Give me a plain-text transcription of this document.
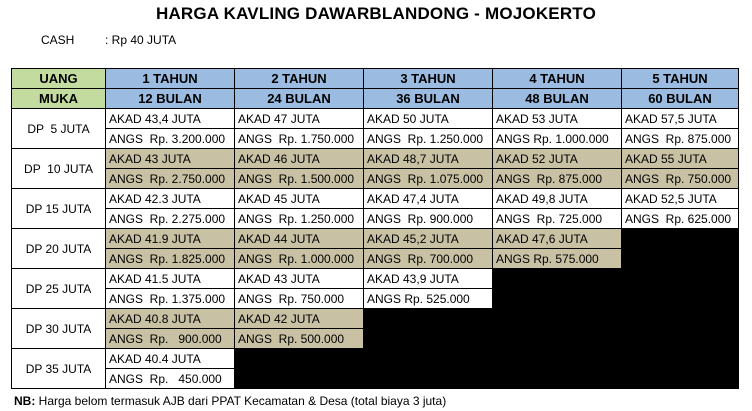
HARGA KAVLING DAWARBLANDONG - MOJOKERTO
CASH	: Rp 40 JUTA
UANG	1 TAHUN	2 TAHUN	3 TAHUN	4 TAHUN	5 TAHUN
MUKA	12 BULAN	24 BULAN	36 BULAN	48 BULAN	60 BULAN
DP  5 JUTA	AKAD 43,4 JUTA	AKAD 47 JUTA	AKAD 50 JUTA	AKAD 53 JUTA	AKAD 57,5 JUTA
	ANGS  Rp. 3.200.000	ANGS  Rp. 1.750.000	ANGS  Rp. 1.250.000	ANGS Rp. 1.000.000	ANGS  Rp. 875.000
DP  10 JUTA	AKAD 43 JUTA	AKAD 46 JUTA	AKAD 48,7 JUTA	AKAD 52 JUTA	AKAD 55 JUTA
	ANGS  Rp. 2.750.000	ANGS  Rp. 1.500.000	ANGS  Rp. 1.075.000	ANGS  Rp. 875.000	ANGS  Rp. 750.000
DP 15 JUTA	AKAD 42.3 JUTA	AKAD 45 JUTA	AKAD 47,4 JUTA	AKAD 49,8 JUTA	AKAD 52,5 JUTA
	ANGS  Rp. 2.275.000	ANGS  Rp. 1.250.000	ANGS  Rp. 900.000	ANGS  Rp. 725.000	ANGS  Rp. 625.000
DP 20 JUTA	AKAD 41.9 JUTA	AKAD 44 JUTA	AKAD 45,2 JUTA	AKAD 47,6 JUTA	
	ANGS  Rp. 1.825.000	ANGS  Rp. 1.000.000	ANGS  Rp. 700.000	ANGS Rp. 575.000	
DP 25 JUTA	AKAD 41.5 JUTA	AKAD 43 JUTA	AKAD 43,9 JUTA		
	ANGS  Rp. 1.375.000	ANGS  Rp. 750.000	ANGS Rp. 525.000		
DP 30 JUTA	AKAD 40.8 JUTA	AKAD 42 JUTA			
	ANGS  Rp.   900.000	ANGS  Rp. 500.000			
DP 35 JUTA	AKAD 40.4 JUTA				
	ANGS  Rp.   450.000				
NB: Harga belom termasuk AJB dari PPAT Kecamatan & Desa (total biaya 3 juta)
